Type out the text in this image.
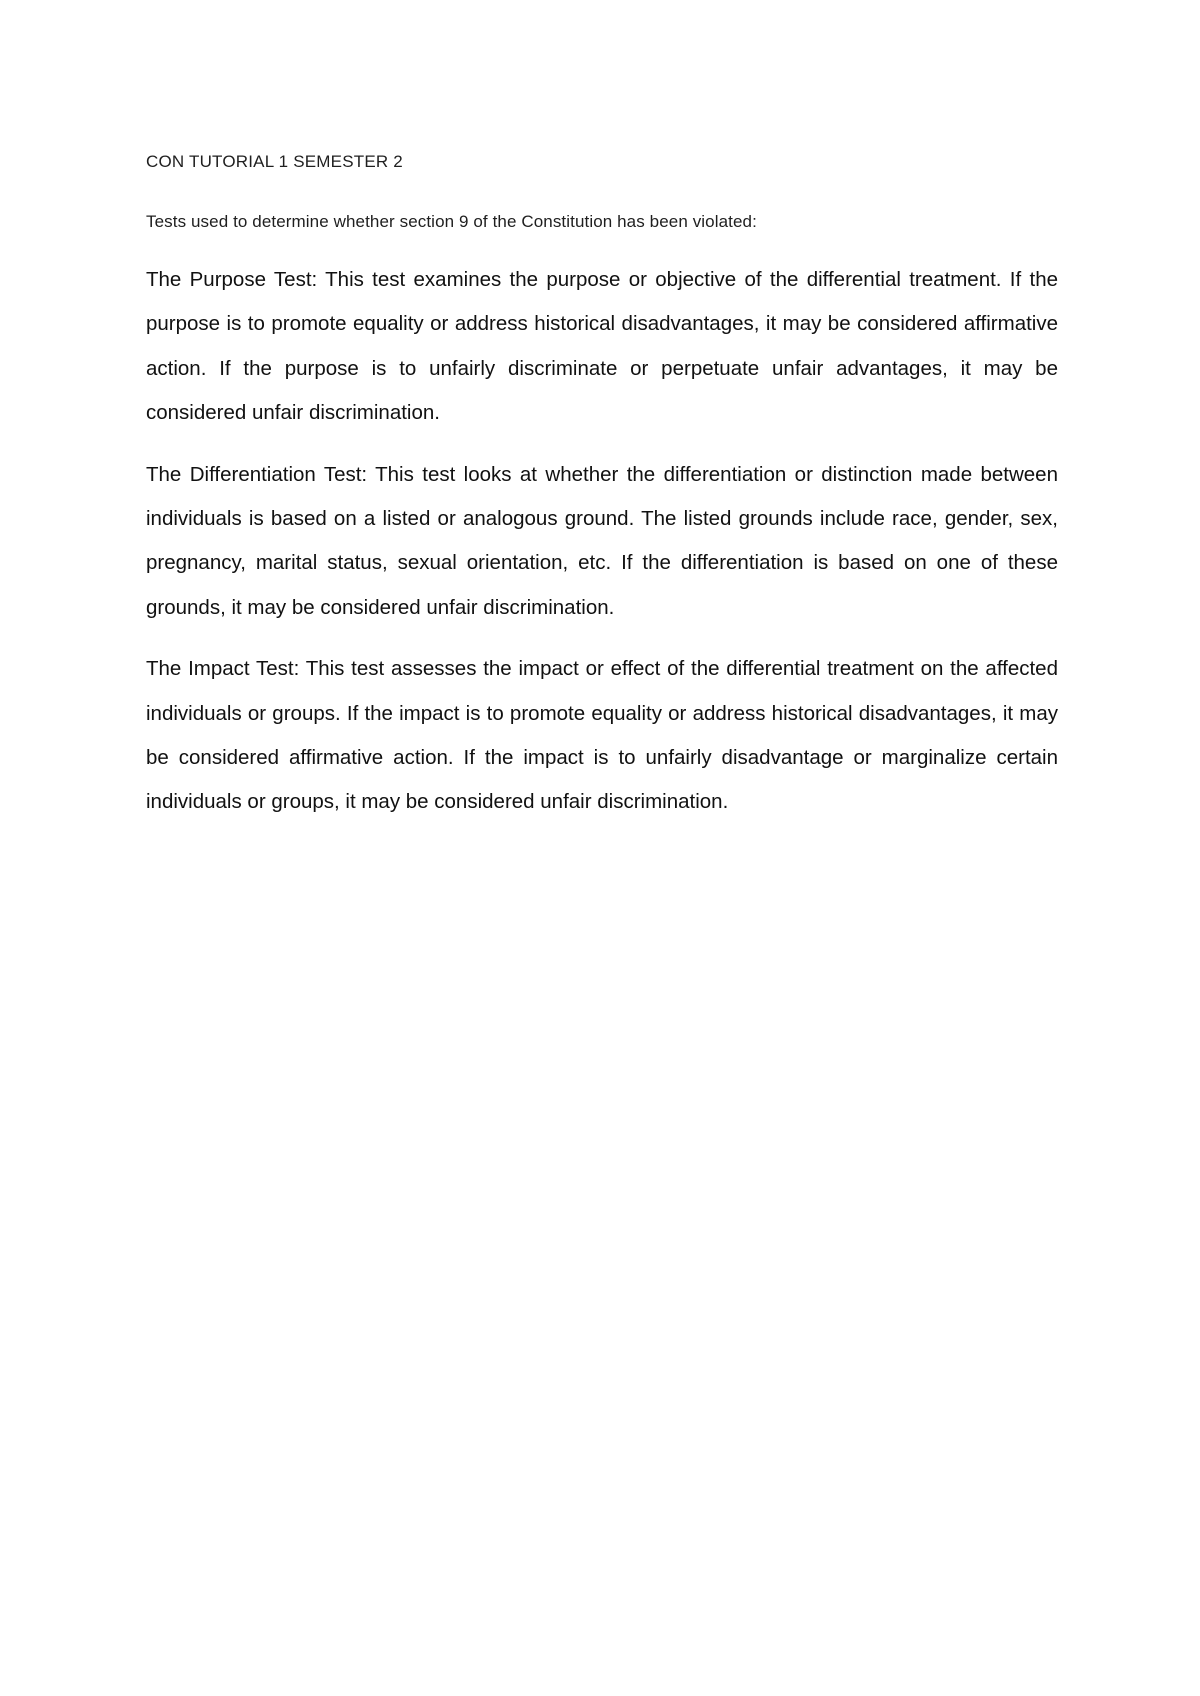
CON TUTORIAL 1 SEMESTER 2

Tests used to determine whether section 9 of the Constitution has been violated:

The Purpose Test: This test examines the purpose or objective of the differential treatment. If the purpose is to promote equality or address historical disadvantages, it may be considered affirmative action. If the purpose is to unfairly discriminate or perpetuate unfair advantages, it may be considered unfair discrimination.

The Differentiation Test: This test looks at whether the differentiation or distinction made between individuals is based on a listed or analogous ground. The listed grounds include race, gender, sex, pregnancy, marital status, sexual orientation, etc. If the differentiation is based on one of these grounds, it may be considered unfair discrimination.

The Impact Test: This test assesses the impact or effect of the differential treatment on the affected individuals or groups. If the impact is to promote equality or address historical disadvantages, it may be considered affirmative action. If the impact is to unfairly disadvantage or marginalize certain individuals or groups, it may be considered unfair discrimination.
